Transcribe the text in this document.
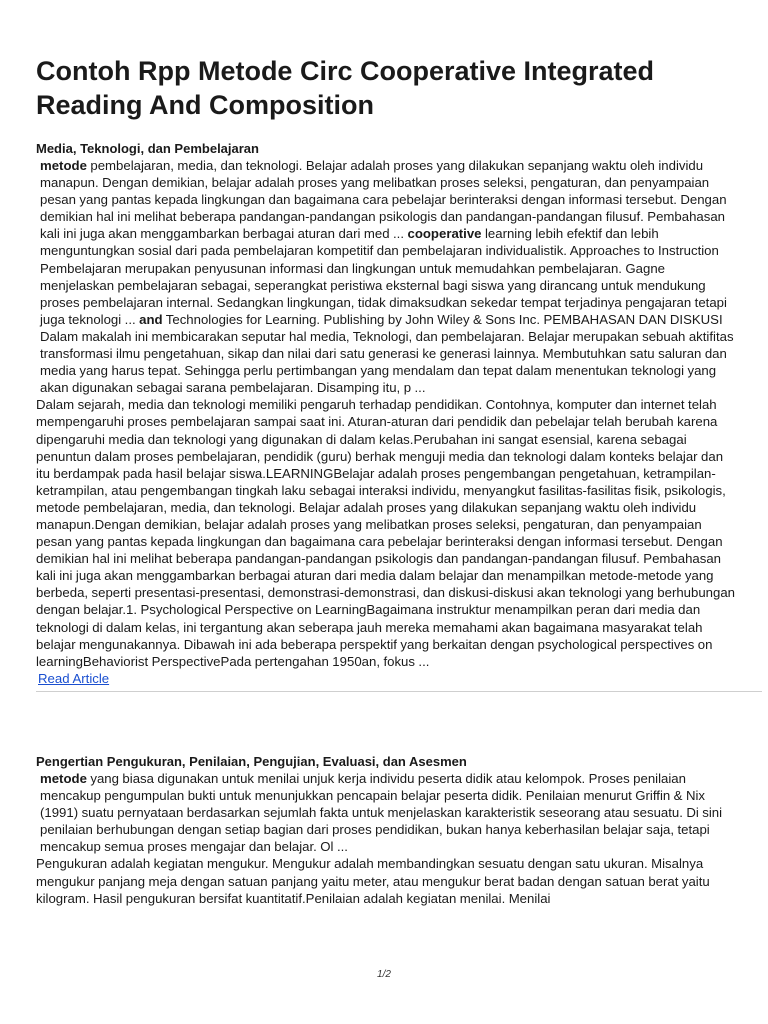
Contoh Rpp Metode Circ Cooperative Integrated Reading And Composition

Media, Teknologi, dan Pembelajaran

metode pembelajaran, media, dan teknologi. Belajar adalah proses yang dilakukan sepanjang waktu oleh individu manapun. Dengan demikian, belajar adalah proses yang melibatkan proses seleksi, pengaturan, dan penyampaian pesan yang pantas kepada lingkungan dan bagaimana cara pebelajar berinteraksi dengan informasi tersebut. Dengan demikian hal ini melihat beberapa pandangan-pandangan psikologis dan pandangan-pandangan filusuf. Pembahasan kali ini juga akan menggambarkan berbagai aturan dari med ... cooperative learning lebih efektif dan lebih menguntungkan sosial dari pada pembelajaran kompetitif dan pembelajaran individualistik. Approaches to Instruction Pembelajaran merupakan penyusunan informasi dan lingkungan untuk memudahkan pembelajaran. Gagne menjelaskan pembelajaran sebagai, seperangkat peristiwa eksternal bagi siswa yang dirancang untuk mendukung proses pembelajaran internal. Sedangkan lingkungan, tidak dimaksudkan sekedar tempat terjadinya pengajaran tetapi juga teknologi ... and Technologies for Learning. Publishing by John Wiley & Sons Inc. PEMBAHASAN DAN DISKUSI Dalam makalah ini membicarakan seputar hal media, Teknologi, dan pembelajaran. Belajar merupakan sebuah aktifitas transformasi ilmu pengetahuan, sikap dan nilai dari satu generasi ke generasi lainnya. Membutuhkan satu saluran dan media yang harus tepat. Sehingga perlu pertimbangan yang mendalam dan tepat dalam menentukan teknologi yang akan digunakan sebagai sarana pembelajaran. Disamping itu, p ...

Dalam sejarah, media dan teknologi memiliki pengaruh terhadap pendidikan. Contohnya, komputer dan internet telah mempengaruhi proses pembelajaran sampai saat ini. Aturan-aturan dari pendidik dan pebelajar telah berubah karena dipengaruhi media dan teknologi yang digunakan di dalam kelas.Perubahan ini sangat esensial, karena sebagai penuntun dalam proses pembelajaran, pendidik (guru) berhak menguji media dan teknologi dalam konteks belajar dan itu berdampak pada hasil belajar siswa.LEARNINGBelajar adalah proses pengembangan pengetahuan, ketrampilan-ketrampilan, atau pengembangan tingkah laku sebagai interaksi individu, menyangkut fasilitas-fasilitas fisik, psikologis, metode pembelajaran, media, dan teknologi. Belajar adalah proses yang dilakukan sepanjang waktu oleh individu manapun.Dengan demikian, belajar adalah proses yang melibatkan proses seleksi, pengaturan, dan penyampaian pesan yang pantas kepada lingkungan dan bagaimana cara pebelajar berinteraksi dengan informasi tersebut. Dengan demikian hal ini melihat beberapa pandangan-pandangan psikologis dan pandangan-pandangan filusuf. Pembahasan kali ini juga akan menggambarkan berbagai aturan dari media dalam belajar dan menampilkan metode-metode yang berbeda, seperti presentasi-presentasi, demonstrasi-demonstrasi, dan diskusi-diskusi akan teknologi yang berhubungan dengan belajar.1. Psychological Perspective on LearningBagaimana instruktur menampilkan peran dari media dan teknologi di dalam kelas, ini tergantung akan seberapa jauh mereka memahami akan bagaimana masyarakat telah belajar mengunakannya. Dibawah ini ada beberapa perspektif yang berkaitan dengan psychological perspectives on learningBehaviorist PerspectivePada pertengahan 1950an, fokus ...

Read Article

Pengertian Pengukuran, Penilaian, Pengujian, Evaluasi, dan Asesmen

metode yang biasa digunakan untuk menilai unjuk kerja individu peserta didik atau kelompok. Proses penilaian mencakup pengumpulan bukti untuk menunjukkan pencapain belajar peserta didik. Penilaian menurut Griffin & Nix (1991) suatu pernyataan berdasarkan sejumlah fakta untuk menjelaskan karakteristik seseorang atau sesuatu. Di sini penilaian berhubungan dengan setiap bagian dari proses pendidikan, bukan hanya keberhasilan belajar saja, tetapi mencakup semua proses mengajar dan belajar. Ol ...

Pengukuran adalah kegiatan mengukur. Mengukur adalah membandingkan sesuatu dengan satu ukuran. Misalnya mengukur panjang meja dengan satuan panjang yaitu meter, atau mengukur berat badan dengan satuan berat yaitu kilogram. Hasil pengukuran bersifat kuantitatif.Penilaian adalah kegiatan menilai. Menilai

1/2
